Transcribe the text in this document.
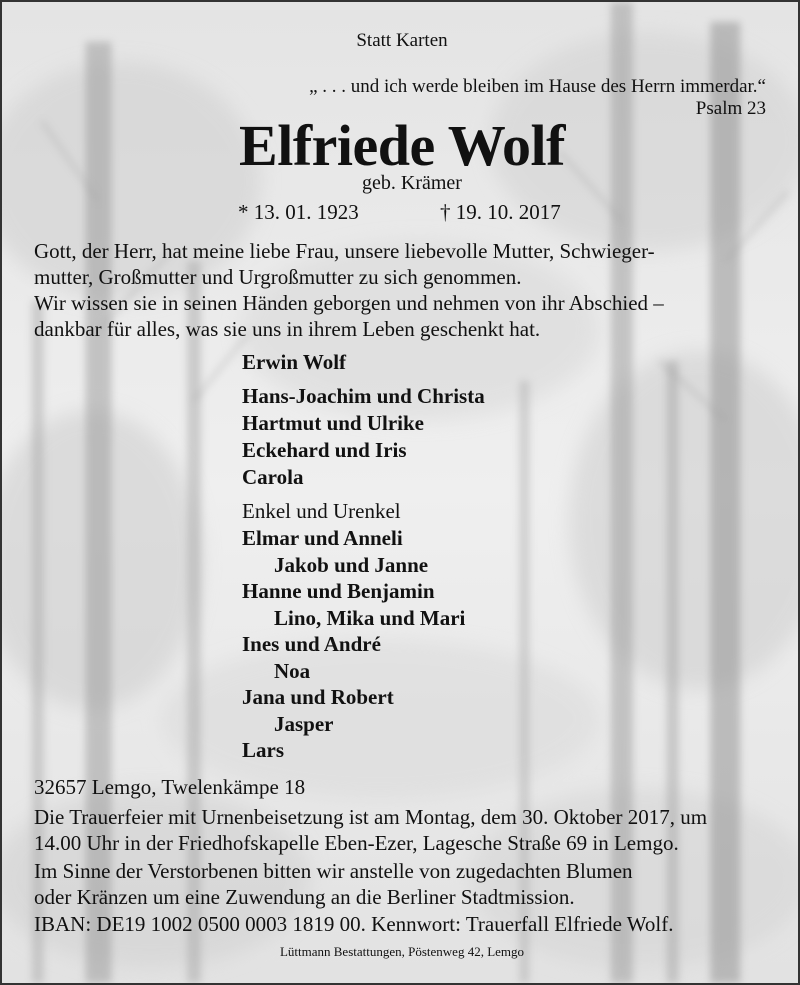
Statt Karten
„ . . . und ich werde bleiben im Hause des Herrn immerdar.“
Psalm 23
Elfriede Wolf
geb. Krämer
* 13. 01. 1923	† 19. 10. 2017
Gott, der Herr, hat meine liebe Frau, unsere liebevolle Mutter, Schwieger-
mutter, Großmutter und Urgroßmutter zu sich genommen.
Wir wissen sie in seinen Händen geborgen und nehmen von ihr Abschied –
dankbar für alles, was sie uns in ihrem Leben geschenkt hat.
Erwin Wolf
Hans-Joachim und Christa
Hartmut und Ulrike
Eckehard und Iris
Carola
Enkel und Urenkel
Elmar und Anneli
Jakob und Janne
Hanne und Benjamin
Lino, Mika und Mari
Ines und André
Noa
Jana und Robert
Jasper
Lars
32657 Lemgo, Twelenkämpe 18
Die Trauerfeier mit Urnenbeisetzung ist am Montag, dem 30. Oktober 2017, um
14.00 Uhr in der Friedhofskapelle Eben-Ezer, Lagesche Straße 69 in Lemgo.
Im Sinne der Verstorbenen bitten wir anstelle von zugedachten Blumen
oder Kränzen um eine Zuwendung an die Berliner Stadtmission.
IBAN: DE19 1002 0500 0003 1819 00. Kennwort: Trauerfall Elfriede Wolf.
Lüttmann Bestattungen, Pöstenweg 42, Lemgo
